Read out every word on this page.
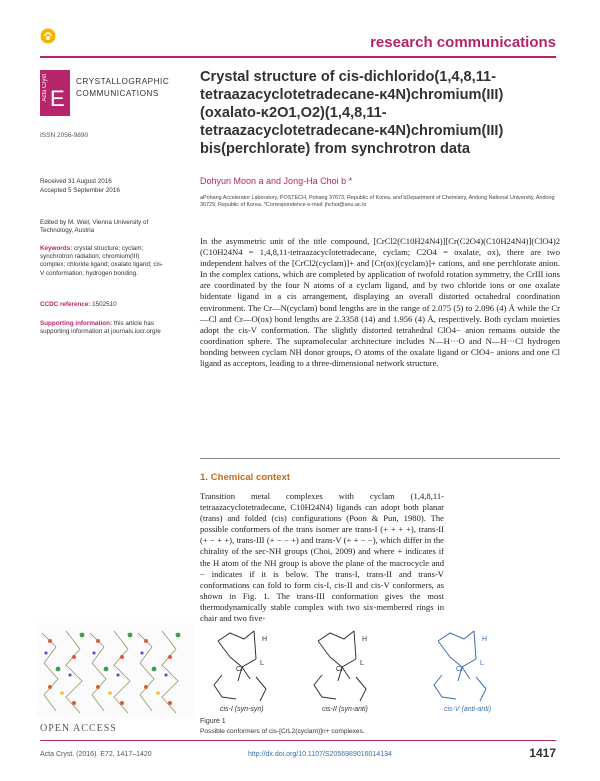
research communications
Acta Cryst E
CRYSTALLOGRAPHIC
COMMUNICATIONS
ISSN 2056-9890
Received 31 August 2016
Accepted 5 September 2016
Edited by M. Weil, Vienna University of Technology, Austria
Keywords: crystal structure; cyclam; synchrotron radiation; chromium(III) complex; chloride ligand; oxalato ligand; cis-V conformation; hydrogen bonding.
CCDC reference: 1502510
Supporting information: this article has supporting information at journals.iucr.org/e
Crystal structure of cis-dichlorido(1,4,8,11-tetraazacyclotetradecane-κ4N)chromium(III) (oxalato-κ2O1,O2)(1,4,8,11-tetraazacyclotetradecane-κ4N)chromium(III) bis(perchlorate) from synchrotron data
Dohyun Moon a and Jong-Ha Choi b *
aPohang Accelerator Laboratory, POSTECH, Pohang 37673, Republic of Korea, and bDepartment of Chemistry, Andong National University, Andong 36729, Republic of Korea. *Correspondence e-mail: jhchoi@anu.ac.kr
In the asymmetric unit of the title compound, [CrCl2(C10H24N4)][Cr(C2O4)(C10H24N4)](ClO4)2 (C10H24N4 = 1,4,8,11-tetraazacyclotetradecane, cyclam; C2O4 = oxalate, ox), there are two independent halves of the [CrCl2(cyclam)]+ and [Cr(ox)(cyclam)]+ cations, and one perchlorate anion. In the complex cations, which are completed by application of twofold rotation symmetry, the CrIII ions are coordinated by the four N atoms of a cyclam ligand, and by two chloride ions or one oxalate bidentate ligand in a cis arrangement, displaying an overall distorted octahedral coordination environment. The Cr—N(cyclam) bond lengths are in the range of 2.075 (5) to 2.096 (4) Å while the Cr—Cl and Cr—O(ox) bond lengths are 2.3358 (14) and 1.956 (4) Å, respectively. Both cyclam moieties adopt the cis-V conformation. The slightly distorted tetrahedral ClO4− anion remains outside the coordination sphere. The supramolecular architecture includes N—H···O and N—H···Cl hydrogen bonding between cyclam NH donor groups, O atoms of the oxalate ligand or ClO4− anions and one Cl ligand as acceptors, leading to a three-dimensional network structure.
1. Chemical context
Transition metal complexes with cyclam (1,4,8,11-tetraazacyclotetradecane, C10H24N4) ligands can adopt both planar (trans) and folded (cis) configurations (Poon & Pun, 1980). The possible conformers of the trans isomer are trans-I (+ + + +), trans-II (+ − + +), trans-III (+ − − +) and trans-V (+ + − −), which differ in the chirality of the sec-NH groups (Choi, 2009) and where + indicates if the H atom of the NH group is above the plane of the macrocycle and − indicates if it is below. The trans-I, trans-II and trans-V conformations can fold to form cis-I, cis-II and cis-V conformers, as shown in Fig. 1. The trans-III conformation gives the most thermodynamically stable complex with two six-membered rings in chair and two five-
Cr	Cr	Cr
H	H	H
L	L	L
cis-I (syn-syn)	cis-II (syn-anti)	cis-V (anti-anti)
Figure 1
Possible conformers of cis-[CrL2(cyclam)]n+ complexes.
OPEN ACCESS
Acta Cryst. (2016). E72, 1417–1420	http://dx.doi.org/10.1107/S2056989016014134	1417
